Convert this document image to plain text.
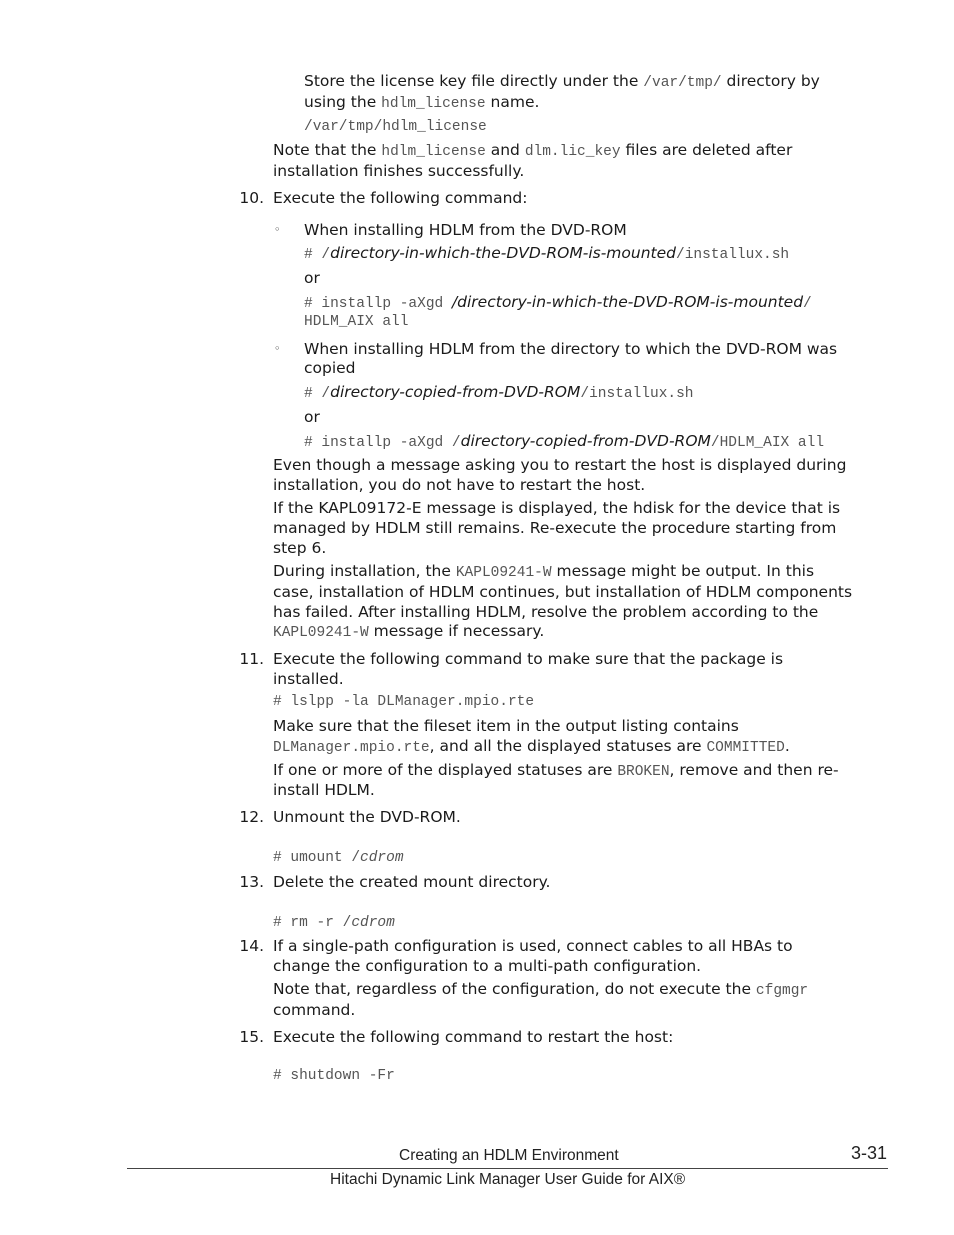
Store the license key file directly under the /var/tmp/ directory by
using the hdlm_license name.
/var/tmp/hdlm_license
Note that the hdlm_license and dlm.lic_key files are deleted after
installation finishes successfully.
10. Execute the following command:
◦	When installing HDLM from the DVD-ROM
# /directory-in-which-the-DVD-ROM-is-mounted/installux.sh
or
# installp -aXgd /directory-in-which-the-DVD-ROM-is-mounted/
HDLM_AIX all
◦	When installing HDLM from the directory to which the DVD-ROM was
copied
# /directory-copied-from-DVD-ROM/installux.sh
or
# installp -aXgd /directory-copied-from-DVD-ROM/HDLM_AIX all
Even though a message asking you to restart the host is displayed during
installation, you do not have to restart the host.
If the KAPL09172-E message is displayed, the hdisk for the device that is
managed by HDLM still remains. Re-execute the procedure starting from
step 6.
During installation, the KAPL09241-W message might be output. In this
case, installation of HDLM continues, but installation of HDLM components
has failed. After installing HDLM, resolve the problem according to the
KAPL09241-W message if necessary.
11. Execute the following command to make sure that the package is
installed.
# lslpp -la DLManager.mpio.rte
Make sure that the fileset item in the output listing contains
DLManager.mpio.rte, and all the displayed statuses are COMMITTED.
If one or more of the displayed statuses are BROKEN, remove and then re-
install HDLM.
12. Unmount the DVD-ROM.
# umount /cdrom
13. Delete the created mount directory.
# rm -r /cdrom
14. If a single-path configuration is used, connect cables to all HBAs to
change the configuration to a multi-path configuration.
Note that, regardless of the configuration, do not execute the cfgmgr
command.
15. Execute the following command to restart the host:
# shutdown -Fr
Creating an HDLM Environment	3-31
Hitachi Dynamic Link Manager User Guide for AIX®
